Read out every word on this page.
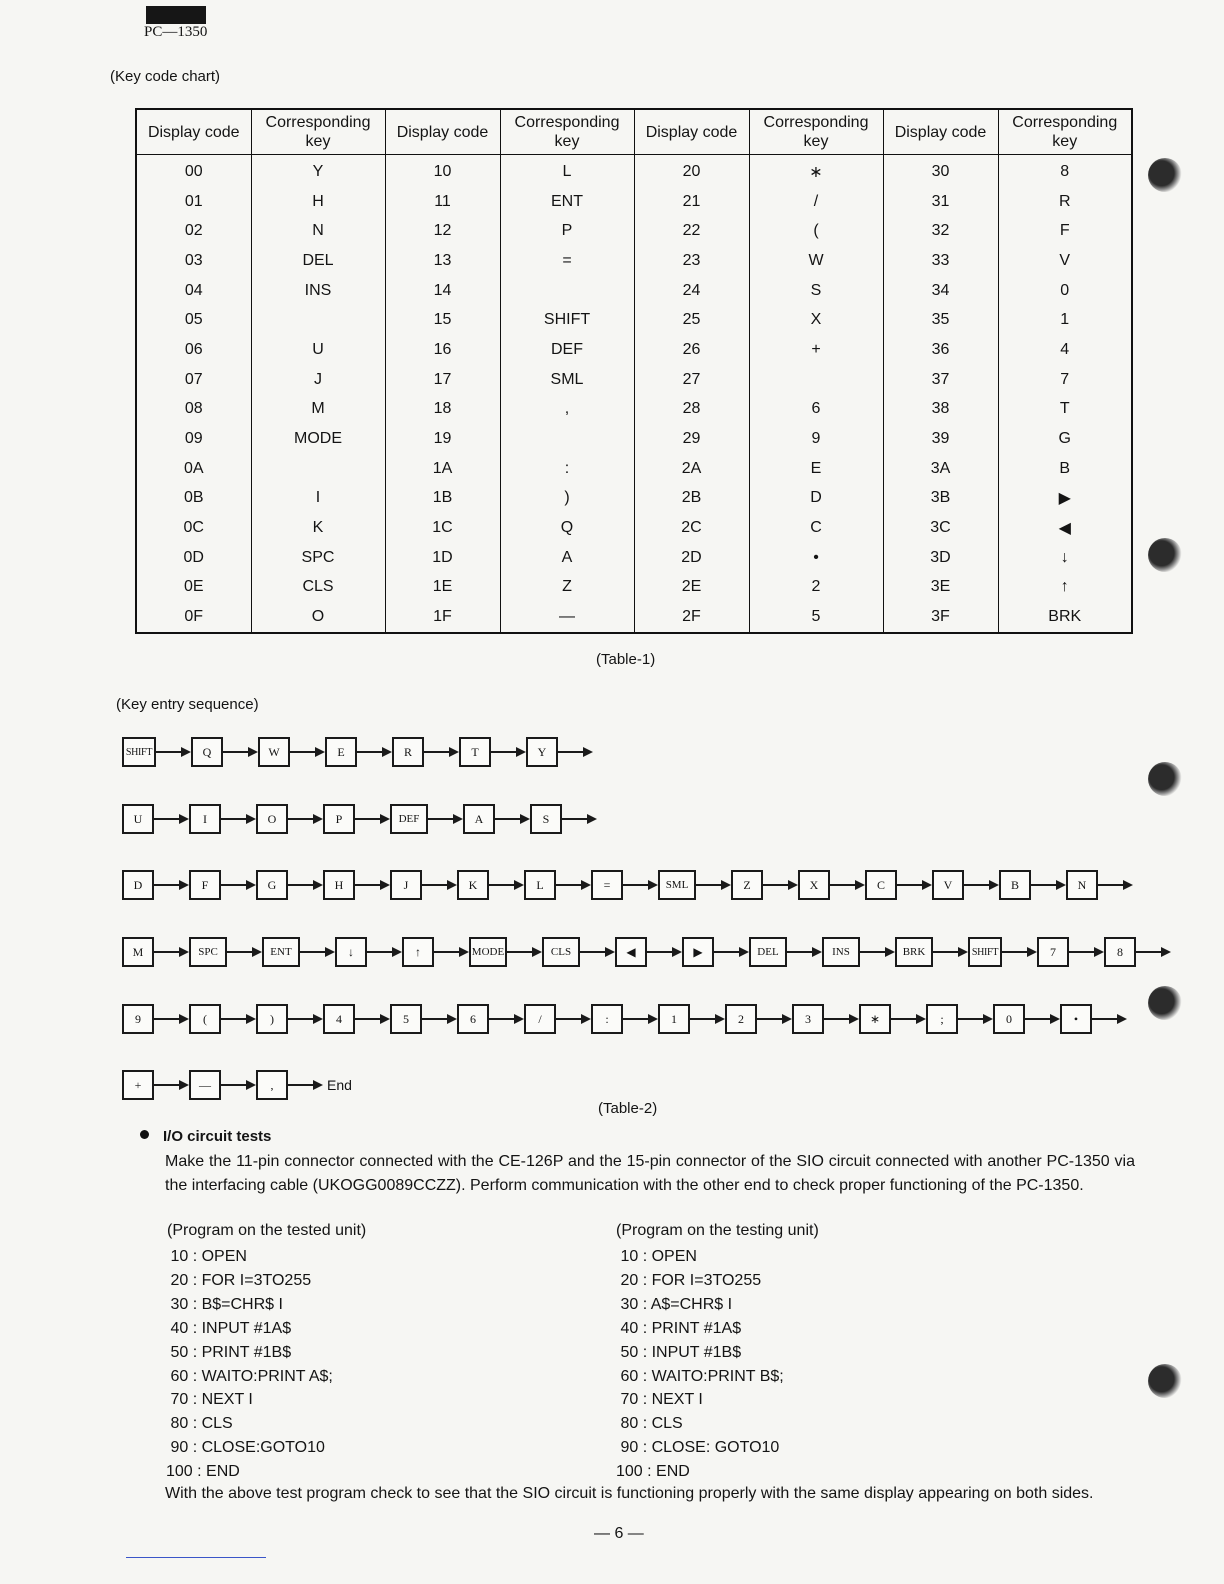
PC—1350
(Key code chart)
Display code	Corresponding key	Display code	Corresponding key	Display code	Corresponding key	Display code	Corresponding key
00	Y	10	L	20	∗	30	8
01	H	11	ENT	21	/	31	R
02	N	12	P	22	(	32	F
03	DEL	13	=	23	W	33	V
04	INS	14		24	S	34	0
05		15	SHIFT	25	X	35	1
06	U	16	DEF	26	+	36	4
07	J	17	SML	27		37	7
08	M	18	,	28	6	38	T
09	MODE	19		29	9	39	G
0A		1A	:	2A	E	3A	B
0B	I	1B	)	2B	D	3B	▶
0C	K	1C	Q	2C	C	3C	◀
0D	SPC	1D	A	2D	•	3D	↓
0E	CLS	1E	Z	2E	2	3E	↑
0F	O	1F	—	2F	5	3F	BRK
(Table-1)
(Key entry sequence)
SHIFT	Q	W	E	R	T	Y
U	I	O	P	DEF	A	S
D	F	G	H	J	K	L	=	SML	Z	X	C	V	B	N
M	SPC	ENT	↓	↑	MODE	CLS	◀	▶	DEL	INS	BRK	SHIFT	7	8
9	(	)	4	5	6	/	:	1	2	3	∗	;	0	•
+	—	,	End
(Table-2)
I/O circuit tests
Make the 11-pin connector connected with the CE-126P and the 15-pin connector of the SIO circuit connected with another PC-1350 via the interfacing cable (UKOGG0089CCZZ). Perform communication with the other end to check proper functioning of the PC-1350.
(Program on the tested unit)	(Program on the testing unit)
10 : OPEN
20 : FOR I=3TO255
30 : B$=CHR$ I
40 : INPUT #1A$
50 : PRINT #1B$
60 : WAITO:PRINT A$;
70 : NEXT I
80 : CLS
90 : CLOSE:GOTO10
100 : END
10 : OPEN
20 : FOR I=3TO255
30 : A$=CHR$ I
40 : PRINT #1A$
50 : INPUT #1B$
60 : WAITO:PRINT B$;
70 : NEXT I
80 : CLS
90 : CLOSE: GOTO10
100 : END
With the above test program check to see that the SIO circuit is functioning properly with the same display appearing on both sides.
— 6 —
